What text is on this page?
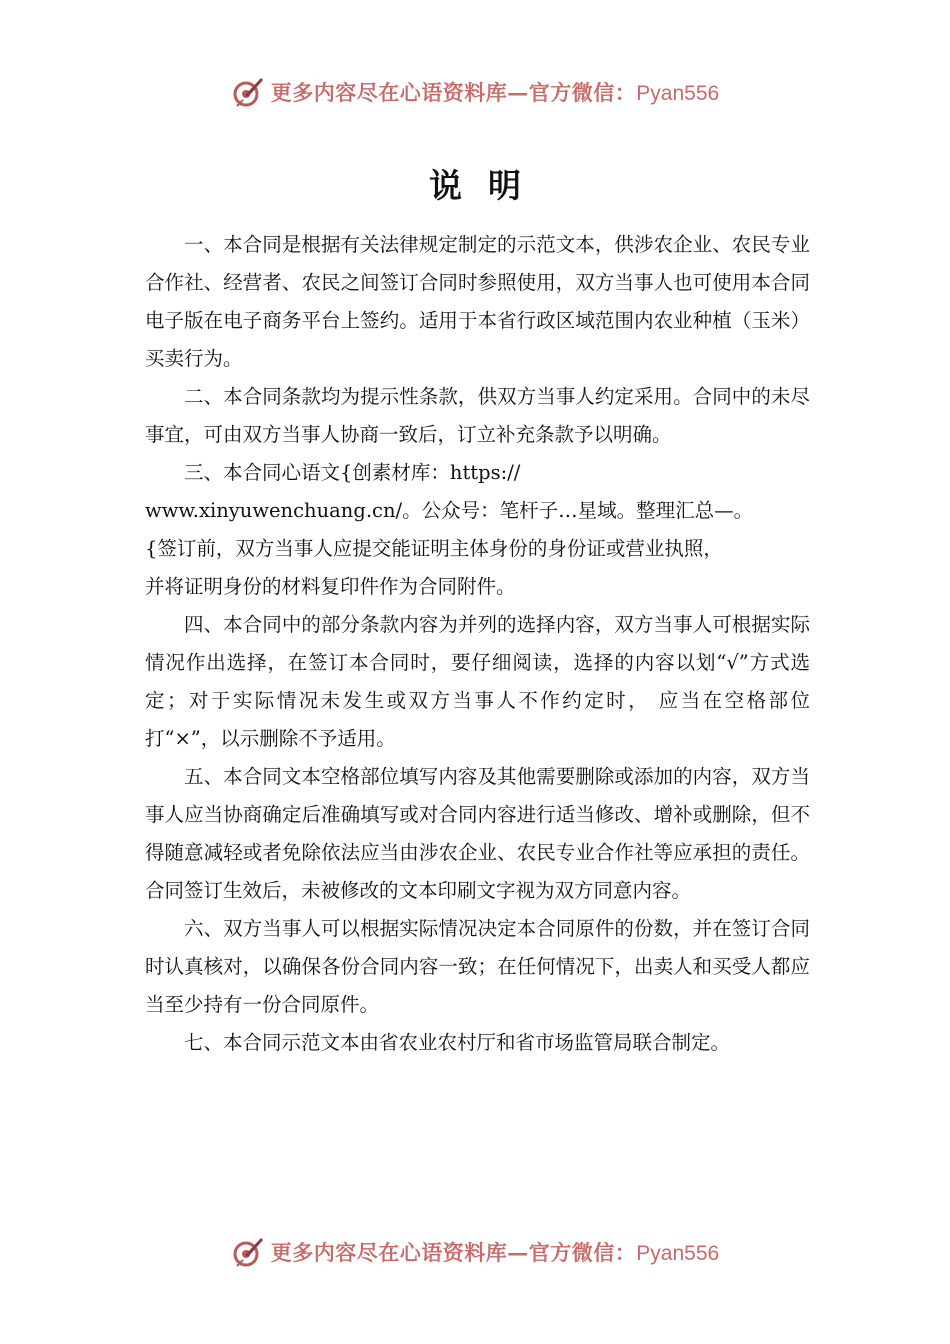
更多内容尽在心语资料库—官方微信：Pyan556
说明

一、本合同是根据有关法律规定制定的示范文本，供涉农企业、农民专业合作社、经营者、农民之间签订合同时参照使用，双方当事人也可使用本合同电子版在电子商务平台上签约。适用于本省行政区域范围内农业种植（玉米）买卖行为。

二、本合同条款均为提示性条款，供双方当事人约定采用。合同中的未尽事宜，可由双方当事人协商一致后，订立补充条款予以明确。

三、本合同心语文{创素材库：https://
www.xinyuwenchuang.cn/。公众号：笔杆子…星域。整理汇总—。
{签订前，双方当事人应提交能证明主体身份的身份证或营业执照，
并将证明身份的材料复印件作为合同附件。

四、本合同中的部分条款内容为并列的选择内容，双方当事人可根据实际情况作出选择，在签订本合同时，要仔细阅读，选择的内容以划“√”方式选定；对于实际情况未发生或双方当事人不作约定时， 应当在空格部位打“×”，以示删除不予适用。

五、本合同文本空格部位填写内容及其他需要删除或添加的内容，双方当事人应当协商确定后准确填写或对合同内容进行适当修改、增补或删除，但不得随意减轻或者免除依法应当由涉农企业、农民专业合作社等应承担的责任。合同签订生效后，未被修改的文本印刷文字视为双方同意内容。

六、双方当事人可以根据实际情况决定本合同原件的份数，并在签订合同时认真核对，以确保各份合同内容一致；在任何情况下，出卖人和买受人都应当至少持有一份合同原件。

七、本合同示范文本由省农业农村厅和省市场监管局联合制定。

更多内容尽在心语资料库—官方微信：Pyan556
